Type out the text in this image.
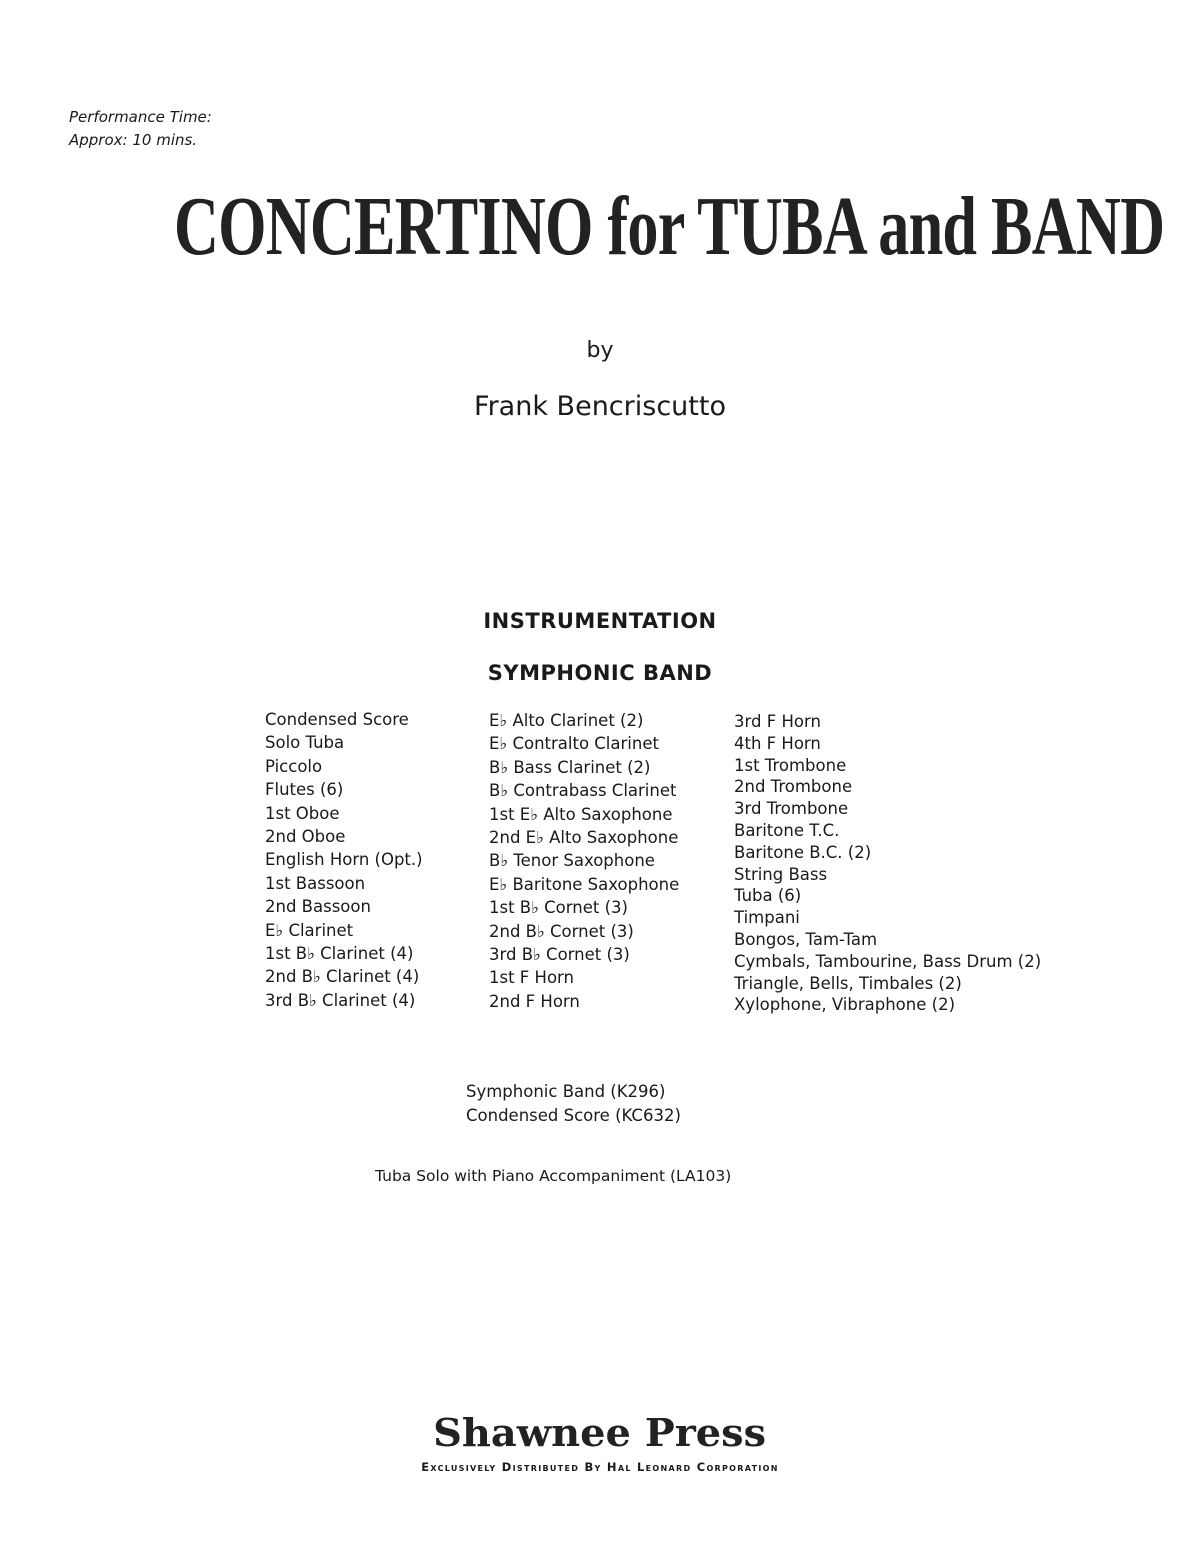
Performance Time:
Approx: 10 mins.
CONCERTINO for TUBA and BAND
by
Frank Bencriscutto
INSTRUMENTATION
SYMPHONIC BAND
Condensed Score
Solo Tuba
Piccolo
Flutes (6)
1st Oboe
2nd Oboe
English Horn (Opt.)
1st Bassoon
2nd Bassoon
E♭ Clarinet
1st B♭ Clarinet (4)
2nd B♭ Clarinet (4)
3rd B♭ Clarinet (4)
E♭ Alto Clarinet (2)
E♭ Contralto Clarinet
B♭ Bass Clarinet (2)
B♭ Contrabass Clarinet
1st E♭ Alto Saxophone
2nd E♭ Alto Saxophone
B♭ Tenor Saxophone
E♭ Baritone Saxophone
1st B♭ Cornet (3)
2nd B♭ Cornet (3)
3rd B♭ Cornet (3)
1st F Horn
2nd F Horn
3rd F Horn
4th F Horn
1st Trombone
2nd Trombone
3rd Trombone
Baritone T.C.
Baritone B.C. (2)
String Bass
Tuba (6)
Timpani
Bongos, Tam-Tam
Cymbals, Tambourine, Bass Drum (2)
Triangle, Bells, Timbales (2)
Xylophone, Vibraphone (2)
Symphonic Band (K296)
Condensed Score (KC632)
Tuba Solo with Piano Accompaniment (LA103)
Shawnee Press
Exclusively Distributed By Hal Leonard Corporation
